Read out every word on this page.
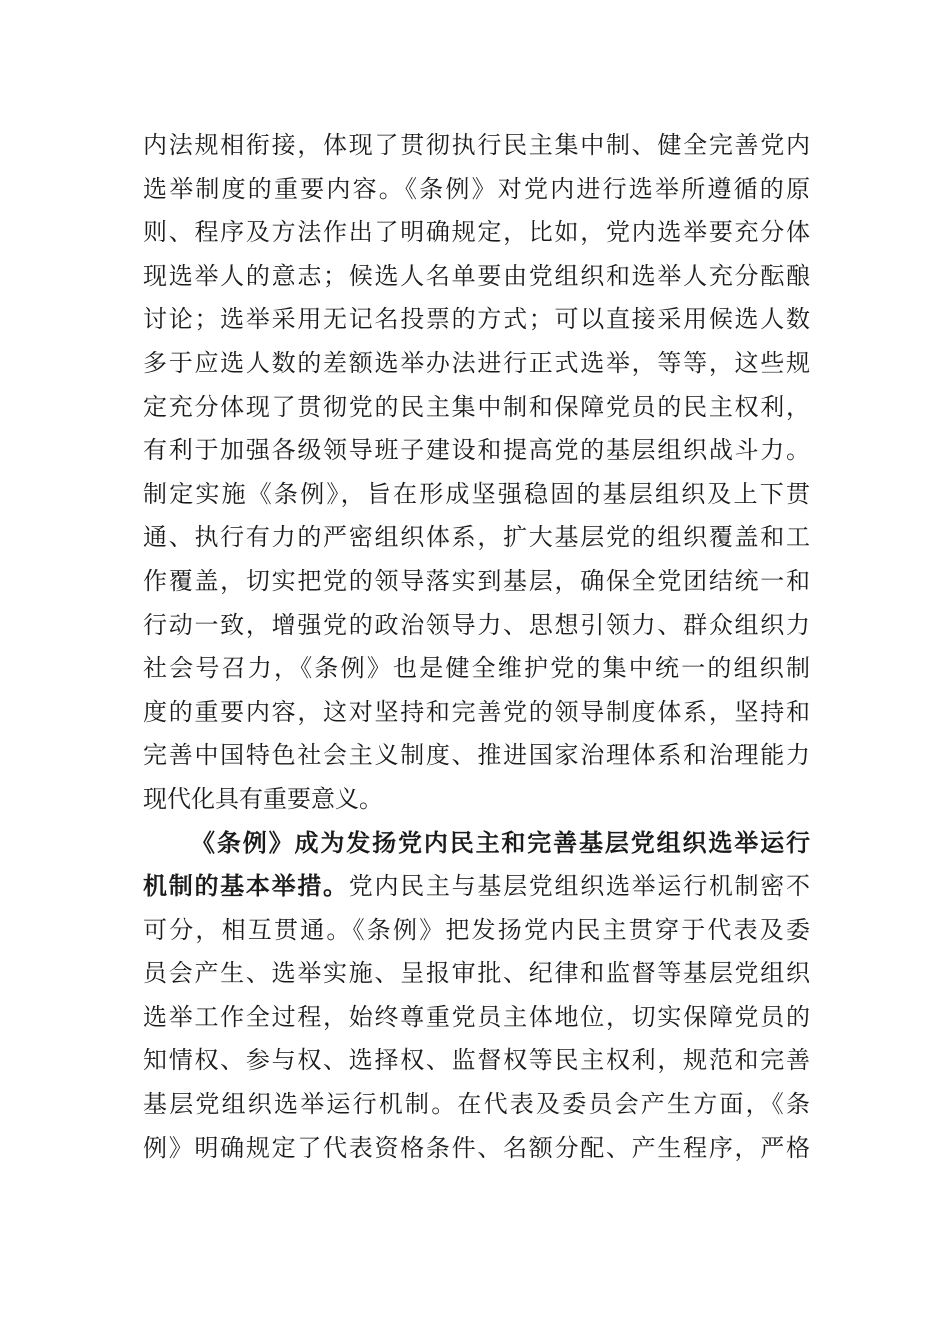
内法规相衔接，体现了贯彻执行民主集中制、健全完善党内
选举制度的重要内容。《条例》对党内进行选举所遵循的原
则、程序及方法作出了明确规定，比如，党内选举要充分体
现选举人的意志；候选人名单要由党组织和选举人充分酝酿
讨论；选举采用无记名投票的方式；可以直接采用候选人数
多于应选人数的差额选举办法进行正式选举，等等，这些规
定充分体现了贯彻党的民主集中制和保障党员的民主权利，
有利于加强各级领导班子建设和提高党的基层组织战斗力。
制定实施《条例》，旨在形成坚强稳固的基层组织及上下贯
通、执行有力的严密组织体系，扩大基层党的组织覆盖和工
作覆盖，切实把党的领导落实到基层，确保全党团结统一和
行动一致，增强党的政治领导力、思想引领力、群众组织力
社会号召力，《条例》也是健全维护党的集中统一的组织制
度的重要内容，这对坚持和完善党的领导制度体系，坚持和
完善中国特色社会主义制度、推进国家治理体系和治理能力
现代化具有重要意义。
《条例》成为发扬党内民主和完善基层党组织选举运行
机制的基本举措。党内民主与基层党组织选举运行机制密不
可分，相互贯通。《条例》把发扬党内民主贯穿于代表及委
员会产生、选举实施、呈报审批、纪律和监督等基层党组织
选举工作全过程，始终尊重党员主体地位，切实保障党员的
知情权、参与权、选择权、监督权等民主权利，规范和完善
基层党组织选举运行机制。在代表及委员会产生方面，《条
例》明确规定了代表资格条件、名额分配、产生程序，严格
